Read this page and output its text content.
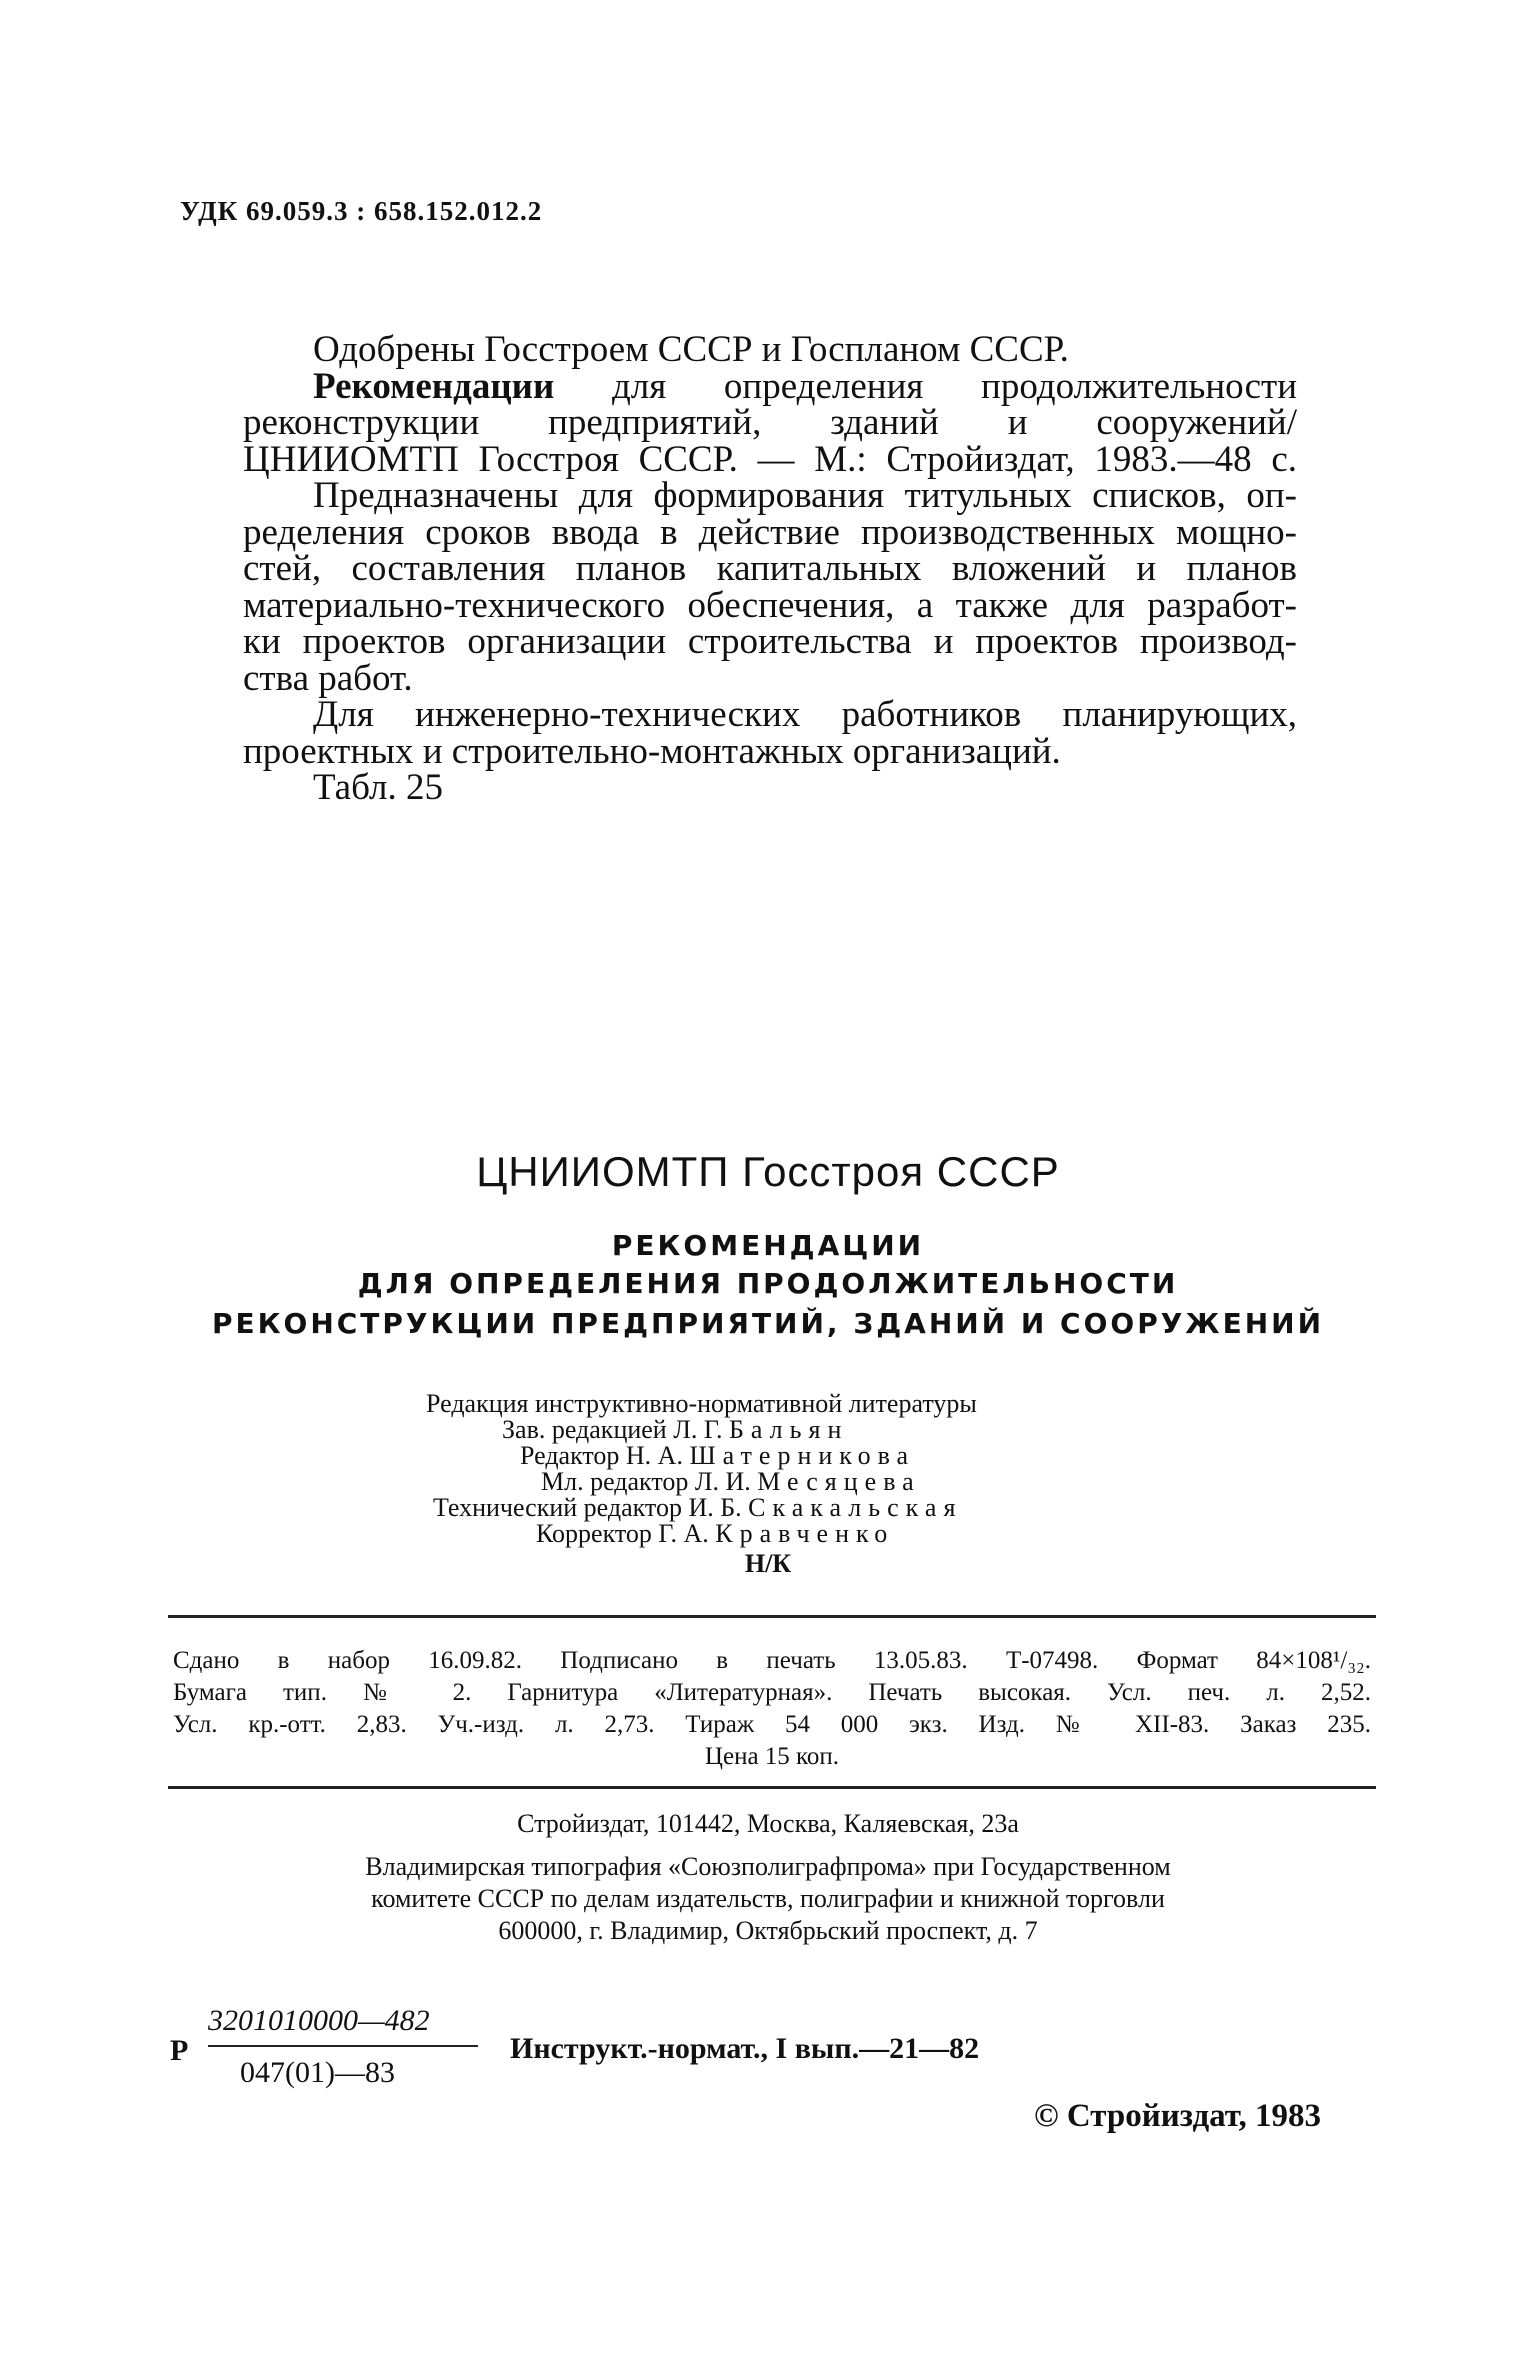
УДК 69.059.3 : 658.152.012.2

Одобрены Госстроем СССР и Госпланом СССР.

Рекомендации для определения продолжительности

реконструкции предприятий, зданий и сооружений/

ЦНИИОМТП Госстроя СССР. — М.: Стройиздат, 1983.—48 с.

Предназначены для формирования титульных списков, оп-

ределения сроков ввода в действие производственных мощно-

стей, составления планов капитальных вложений и планов

материально-технического обеспечения, а также для разработ-

ки проектов организации строительства и проектов производ-

ства работ.

Для инженерно-технических работников планирующих,

проектных и строительно-монтажных организаций.

Табл. 25

ЦНИИОМТП Госстроя СССР
РЕКОМЕНДАЦИИ
ДЛЯ ОПРЕДЕЛЕНИЯ ПРОДОЛЖИТЕЛЬНОСТИ
РЕКОНСТРУКЦИИ ПРЕДПРИЯТИЙ, ЗДАНИЙ И СООРУЖЕНИЙ
Редакция инструктивно-нормативной литературы
Зав. редакцией Л. Г. Бальян
Редактор Н. А. Шатерникова
Мл. редактор Л. И. Месяцева
Технический редактор И. Б. Скакальская
Корректор Г. А. Кравченко
Н/К
Сдано в набор 16.09.82. Подписано в печать 13.05.83. Т-07498. Формат 84×108¹/₃₂.
Бумага тип. № 2. Гарнитура «Литературная». Печать высокая. Усл. печ. л. 2,52.
Усл. кр.-отт. 2,83. Уч.-изд. л. 2,73. Тираж 54 000 экз. Изд. № XII-83. Заказ 235.
Цена 15 коп.
Стройиздат, 101442, Москва, Каляевская, 23а
Владимирская типография «Союзполиграфпрома» при Государственном
комитете СССР по делам издательств, полиграфии и книжной торговли
600000, г. Владимир, Октябрьский проспект, д. 7
Р
3201010000—482
047(01)—83
Инструкт.-нормат., I вып.—21—82
© Стройиздат, 1983
